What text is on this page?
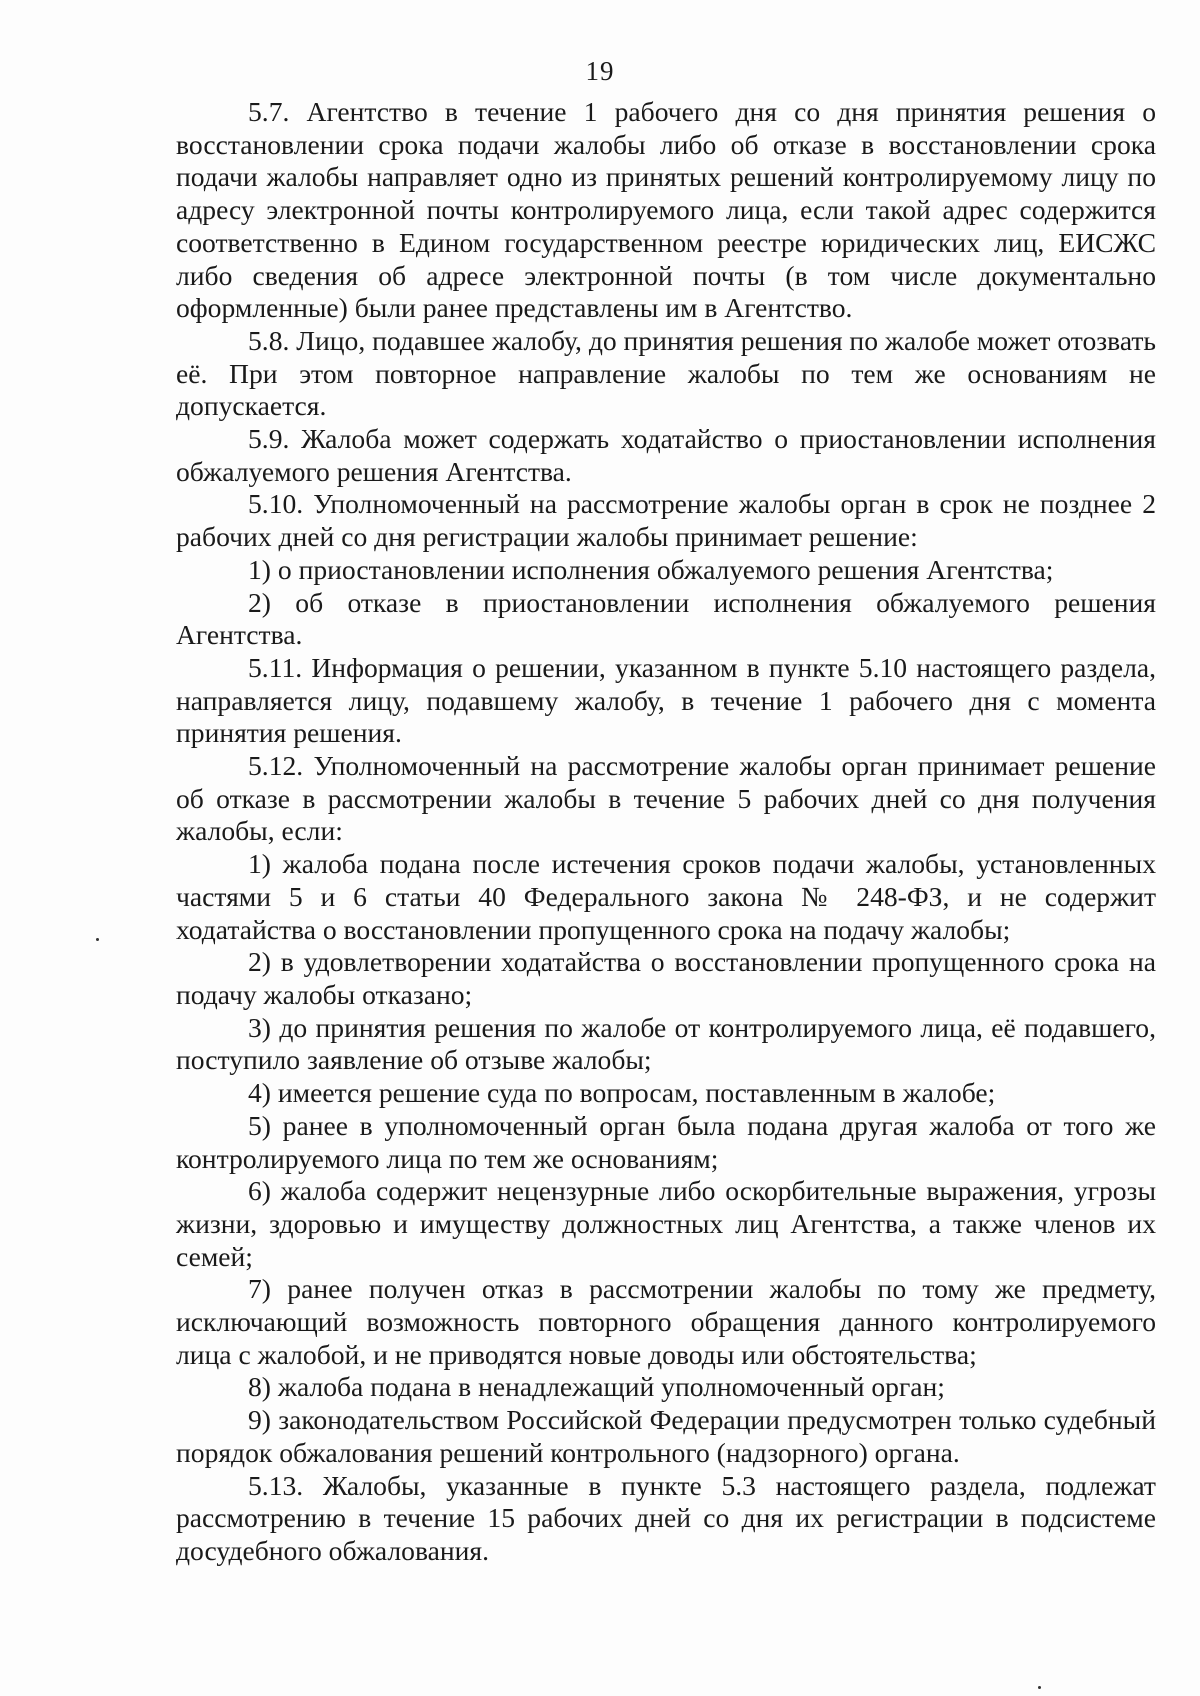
19

5.7. Агентство в течение 1 рабочего дня со дня принятия решения о восстановлении срока подачи жалобы либо об отказе в восстановлении срока подачи жалобы направляет одно из принятых решений контролируемому лицу по адресу электронной почты контролируемого лица, если такой адрес содержится соответственно в Едином государственном реестре юридических лиц, ЕИСЖС либо сведения об адресе электронной почты (в том числе документально оформленные) были ранее представлены им в Агентство.

5.8. Лицо, подавшее жалобу, до принятия решения по жалобе может отозвать её. При этом повторное направление жалобы по тем же основаниям не допускается.

5.9. Жалоба может содержать ходатайство о приостановлении исполнения обжалуемого решения Агентства.

5.10. Уполномоченный на рассмотрение жалобы орган в срок не позднее 2 рабочих дней со дня регистрации жалобы принимает решение:

1) о приостановлении исполнения обжалуемого решения Агентства;

2) об отказе в приостановлении исполнения обжалуемого решения Агентства.

5.11. Информация о решении, указанном в пункте 5.10 настоящего раздела, направляется лицу, подавшему жалобу, в течение 1 рабочего дня с момента принятия решения.

5.12. Уполномоченный на рассмотрение жалобы орган принимает решение об отказе в рассмотрении жалобы в течение 5 рабочих дней со дня получения жалобы, если:

1) жалоба подана после истечения сроков подачи жалобы, установленных частями 5 и 6 статьи 40 Федерального закона № 248-ФЗ, и не содержит ходатайства о восстановлении пропущенного срока на подачу жалобы;

2) в удовлетворении ходатайства о восстановлении пропущенного срока на подачу жалобы отказано;

3) до принятия решения по жалобе от контролируемого лица, её подавшего, поступило заявление об отзыве жалобы;

4) имеется решение суда по вопросам, поставленным в жалобе;

5) ранее в уполномоченный орган была подана другая жалоба от того же контролируемого лица по тем же основаниям;

6) жалоба содержит нецензурные либо оскорбительные выражения, угрозы жизни, здоровью и имуществу должностных лиц Агентства, а также членов их семей;

7) ранее получен отказ в рассмотрении жалобы по тому же предмету, исключающий возможность повторного обращения данного контролируемого лица с жалобой, и не приводятся новые доводы или обстоятельства;

8) жалоба подана в ненадлежащий уполномоченный орган;

9) законодательством Российской Федерации предусмотрен только судебный порядок обжалования решений контрольного (надзорного) органа.

5.13. Жалобы, указанные в пункте 5.3 настоящего раздела, подлежат рассмотрению в течение 15 рабочих дней со дня их регистрации в подсистеме досудебного обжалования.
